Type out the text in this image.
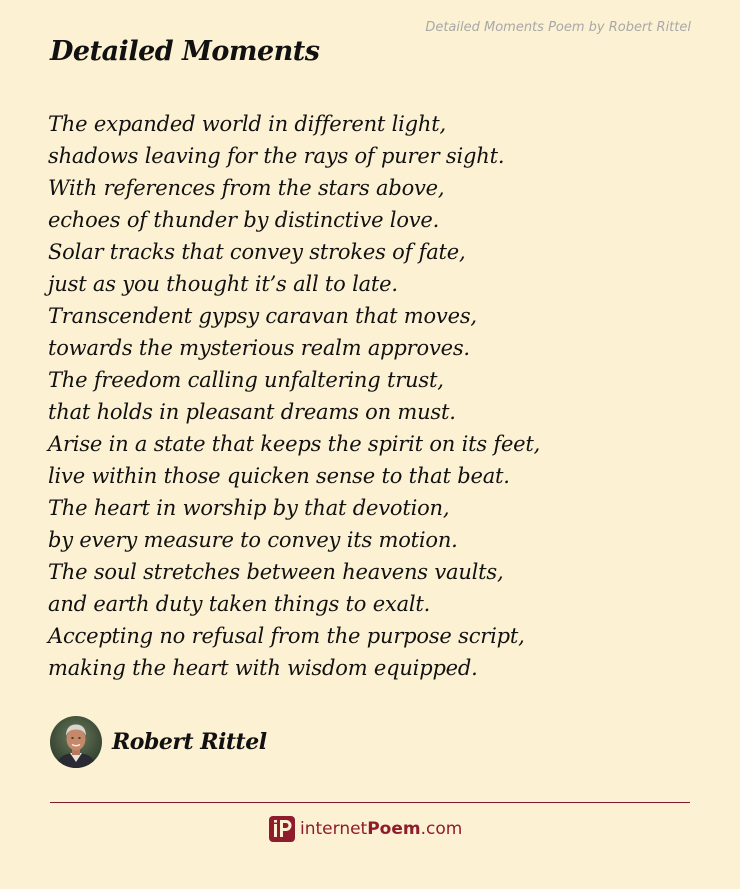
Detailed Moments Poem by Robert Rittel
Detailed Moments
The expanded world in different light,
shadows leaving for the rays of purer sight.
With references from the stars above,
echoes of thunder by distinctive love.
Solar tracks that convey strokes of fate,
just as you thought it’s all to late.
Transcendent gypsy caravan that moves,
towards the mysterious realm approves.
The freedom calling unfaltering trust,
that holds in pleasant dreams on must.
Arise in a state that keeps the spirit on its feet,
live within those quicken sense to that beat.
The heart in worship by that devotion,
by every measure to convey its motion.
The soul stretches between heavens vaults,
and earth duty taken things to exalt.
Accepting no refusal from the purpose script,
making the heart with wisdom equipped.
Robert Rittel
internet Poem .com
